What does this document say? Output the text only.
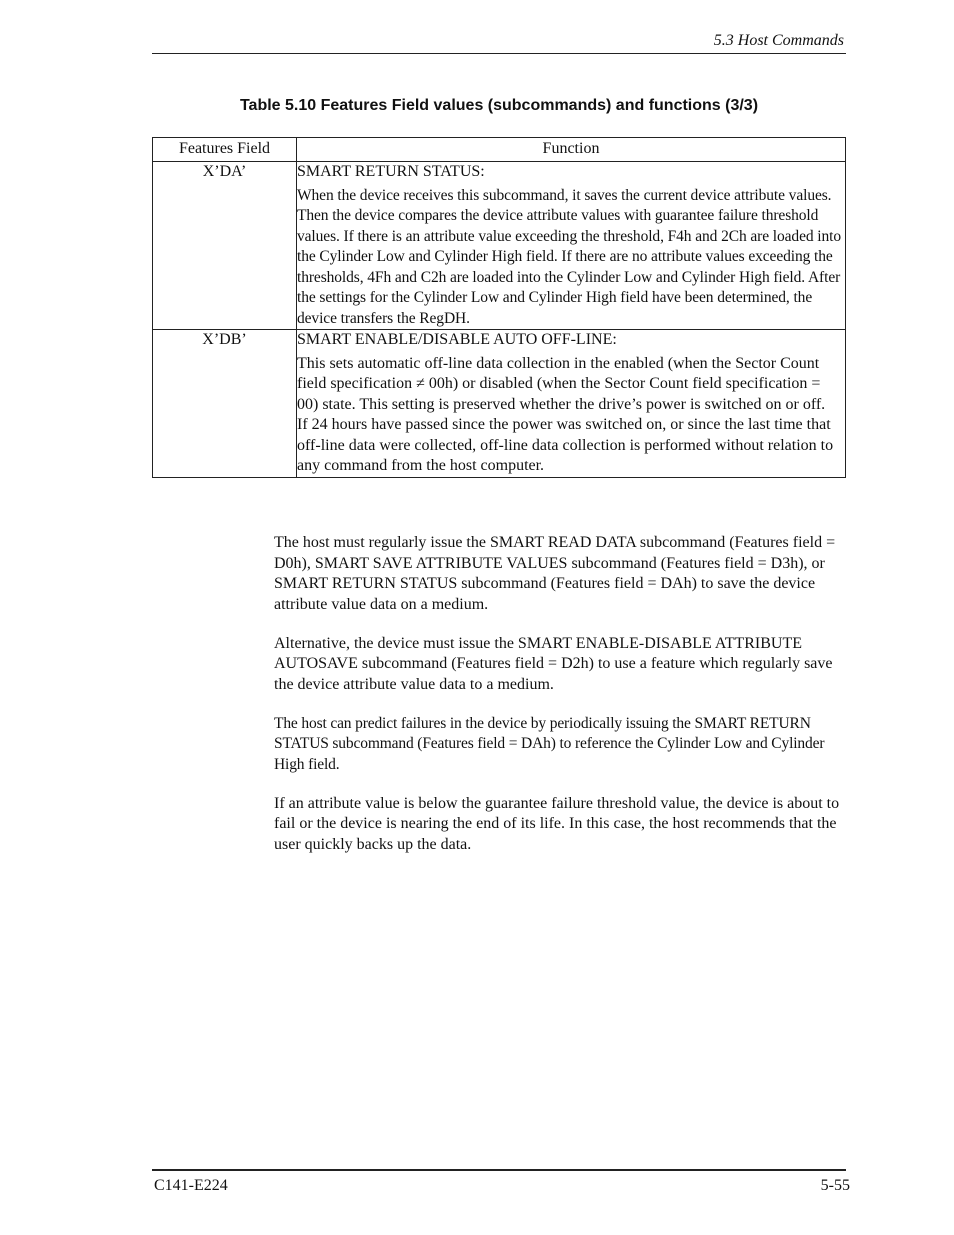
5.3 Host Commands
Table 5.10 Features Field values (subcommands) and functions (3/3)
Features Field	Function
X’DA’	SMART RETURN STATUS:
When the device receives this subcommand, it saves the current device attribute values. Then the device compares the device attribute values with guarantee failure threshold values. If there is an attribute value exceeding the threshold, F4h and 2Ch are loaded into the Cylinder Low and Cylinder High field. If there are no attribute values exceeding the thresholds, 4Fh and C2h are loaded into the Cylinder Low and Cylinder High field. After the settings for the Cylinder Low and Cylinder High field have been determined, the device transfers the RegDH.

X’DB’	SMART ENABLE/DISABLE AUTO OFF-LINE:

This sets automatic off-line data collection in the enabled (when the Sector Count field specification ≠ 00h) or disabled (when the Sector Count field specification = 00) state. This setting is preserved whether the drive’s power is switched on or off.

If 24 hours have passed since the power was switched on, or since the last time that off-line data were collected, off-line data collection is performed without relation to any command from the host computer.

The host must regularly issue the SMART READ DATA subcommand (Features field = D0h), SMART SAVE ATTRIBUTE VALUES subcommand (Features field = D3h), or SMART RETURN STATUS subcommand (Features field = DAh) to save the device attribute value data on a medium.

Alternative, the device must issue the SMART ENABLE-DISABLE ATTRIBUTE AUTOSAVE subcommand (Features field = D2h) to use a feature which regularly save the device attribute value data to a medium.

The host can predict failures in the device by periodically issuing the SMART RETURN STATUS subcommand (Features field = DAh) to reference the Cylinder Low and Cylinder High field.

If an attribute value is below the guarantee failure threshold value, the device is about to fail or the device is nearing the end of its life. In this case, the host recommends that the user quickly backs up the data.

C141-E224	5-55
